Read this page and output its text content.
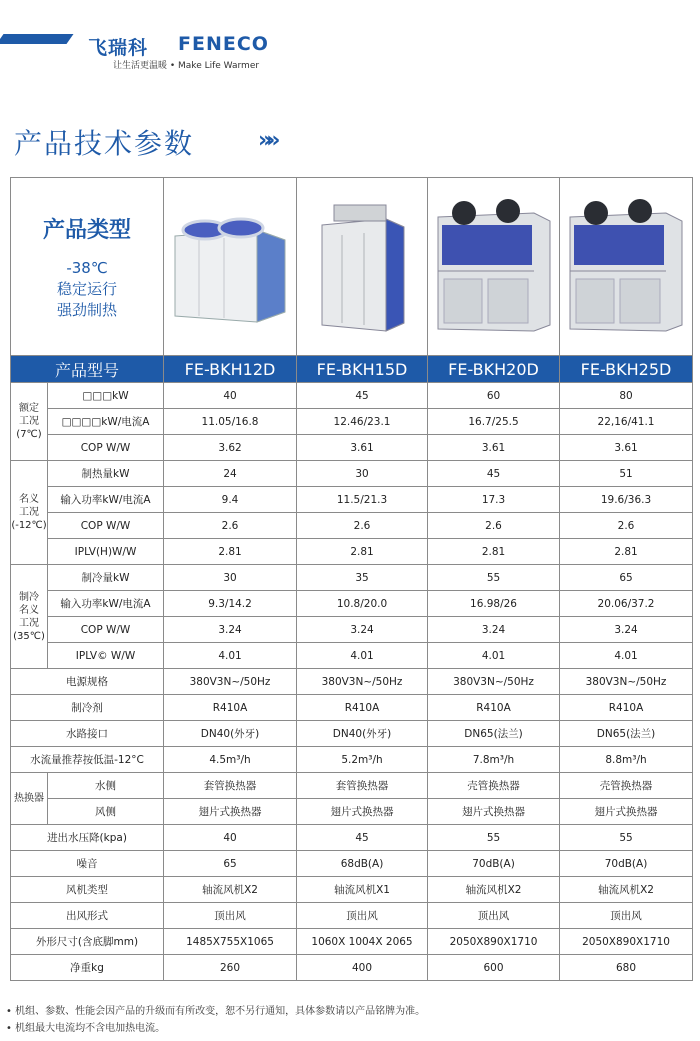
飞瑞科 FENECO
让生活更温暖 • Make Life Warmer
产品技术参数	»»
产品类型
-38℃
稳定运行
强劲制热

产品型号		FE-BKH12D	FE-BKH15D	FE-BKH20D	FE-BKH25D
额定
工况
(7℃)	□□□kW	40	45	60	80
	□□□□kW/电流A	11.05/16.8	12.46/23.1	16.7/25.5	22,16/41.1
	COP W/W	3.62	3.61	3.61	3.61
名义
工况
(-12℃)	制热量kW	24	30	45	51
	输入功率kW/电流A	9.4	11.5/21.3	17.3	19.6/36.3
	COP W/W	2.6	2.6	2.6	2.6
	IPLV(H)W/W	2.81	2.81	2.81	2.81
制冷
名义
工况
(35℃)	制冷量kW	30	35	55	65
	输入功率kW/电流A	9.3/14.2	10.8/20.0	16.98/26	20.06/37.2
	COP W/W	3.24	3.24	3.24	3.24
	IPLV© W/W	4.01	4.01	4.01	4.01
电源规格		380V3N~/50Hz	380V3N~/50Hz	380V3N~/50Hz	380V3N~/50Hz
制冷剂		R410A	R410A	R410A	R410A
水路接口		DN40(外牙)	DN40(外牙)	DN65(法兰)	DN65(法兰)
水流量推荐按低温-12°C		4.5m³/h	5.2m³/h	7.8m³/h	8.8m³/h
热换器	水侧	套管换热器	套管换热器	壳管换热器	壳管换热器
	风侧	翅片式换热器	翅片式换热器	翅片式换热器	翅片式换热器
进出水压降(kpa)		40	45	55	55
噪音		65	68dB(A)	70dB(A)	70dB(A)
风机类型		轴流风机X2	轴流风机X1	轴流风机X2	轴流风机X2
出风形式		顶出风	顶出风	顶出风	顶出风
外形尺寸(含底脚mm)		1485X755X1065	1060X 1004X 2065	2050X890X1710	2050X890X1710
净重kg		260	400	600	680
• 机组、参数、性能会因产品的升级而有所改变，恕不另行通知，具体参数请以产品铭牌为准。
• 机组最大电流均不含电加热电流。
